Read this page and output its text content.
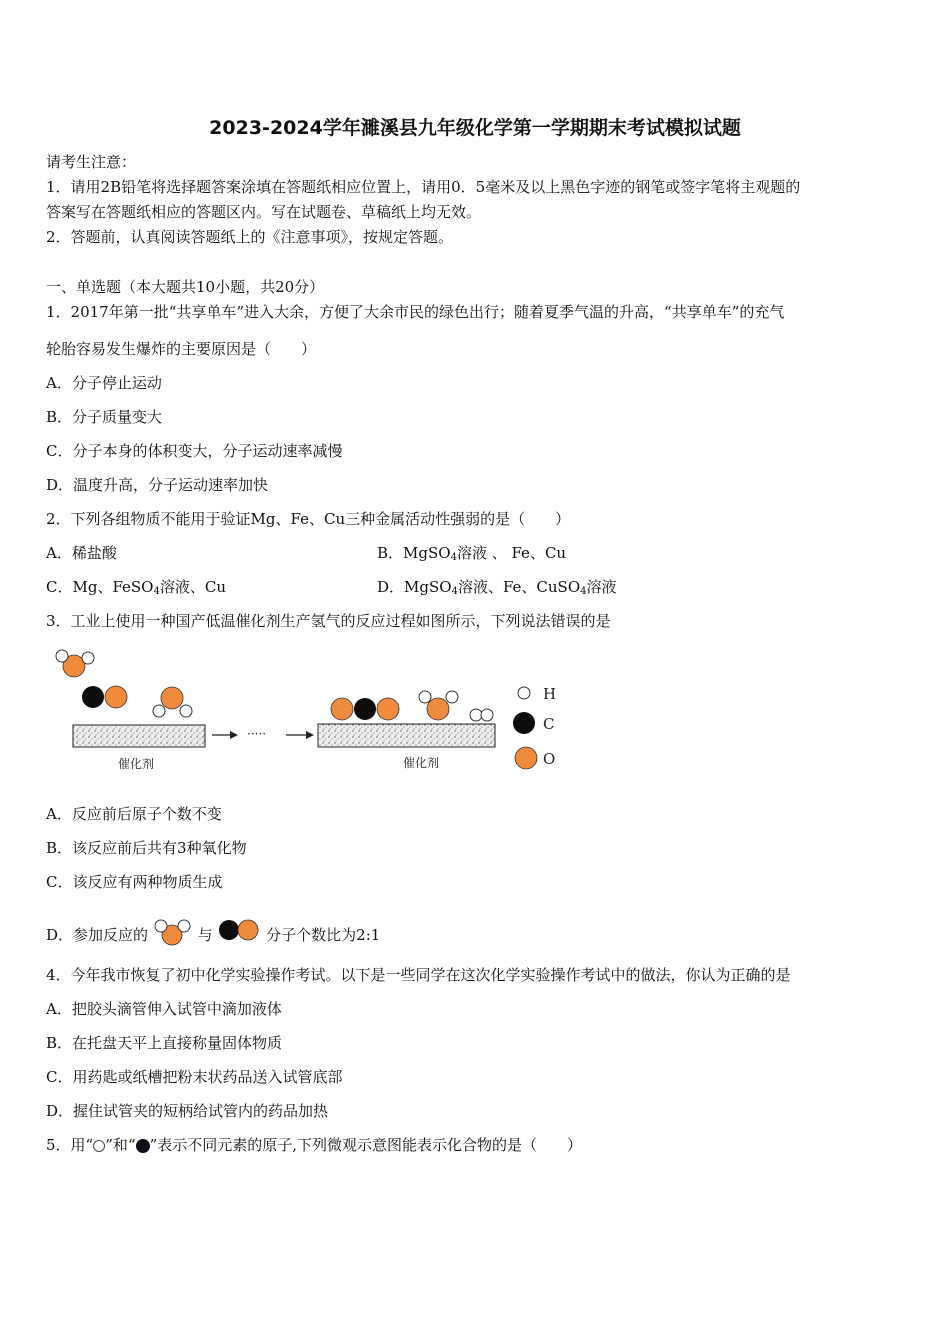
2023-2024学年濉溪县九年级化学第一学期期末考试模拟试题
请考生注意：
1．请用2B铅笔将选择题答案涂填在答题纸相应位置上，请用0．5毫米及以上黑色字迹的钢笔或签字笔将主观题的
答案写在答题纸相应的答题区内。写在试题卷、草稿纸上均无效。
2．答题前，认真阅读答题纸上的《注意事项》，按规定答题。
一、单选题（本大题共10小题，共20分）
1．2017年第一批“共享单车”进入大余，方便了大余市民的绿色出行；随着夏季气温的升高，“共享单车”的充气
轮胎容易发生爆炸的主要原因是（　　）
A．分子停止运动
B．分子质量变大
C．分子本身的体积变大，分子运动速率减慢
D．温度升高，分子运动速率加快
2．下列各组物质不能用于验证Mg、Fe、Cu三种金属活动性强弱的是（　　）
A．稀盐酸	B．MgSO$_4$溶液 、 Fe、Cu
C．Mg、FeSO$_4$溶液、Cu	D．MgSO$_4$溶液、Fe、CuSO$_4$溶液
3．工业上使用一种国产低温催化剂生产氢气的反应过程如图所示，下列说法错误的是
催化剂
·····
催化剂
H
C
O
A．反应前后原子个数不变
B．该反应前后共有3种氧化物
C．该反应有两种物质生成
D．参加反应的	与	分子个数比为2:1
4．今年我市恢复了初中化学实验操作考试。以下是一些同学在这次化学实验操作考试中的做法，你认为正确的是
A．把胶头滴管伸入试管中滴加液体
B．在托盘天平上直接称量固体物质
C．用药匙或纸槽把粉末状药品送入试管底部
D．握住试管夹的短柄给试管内的药品加热
5．用“ ”和“ ”表示不同元素的原子,下列微观示意图能表示化合物的是（　　）
